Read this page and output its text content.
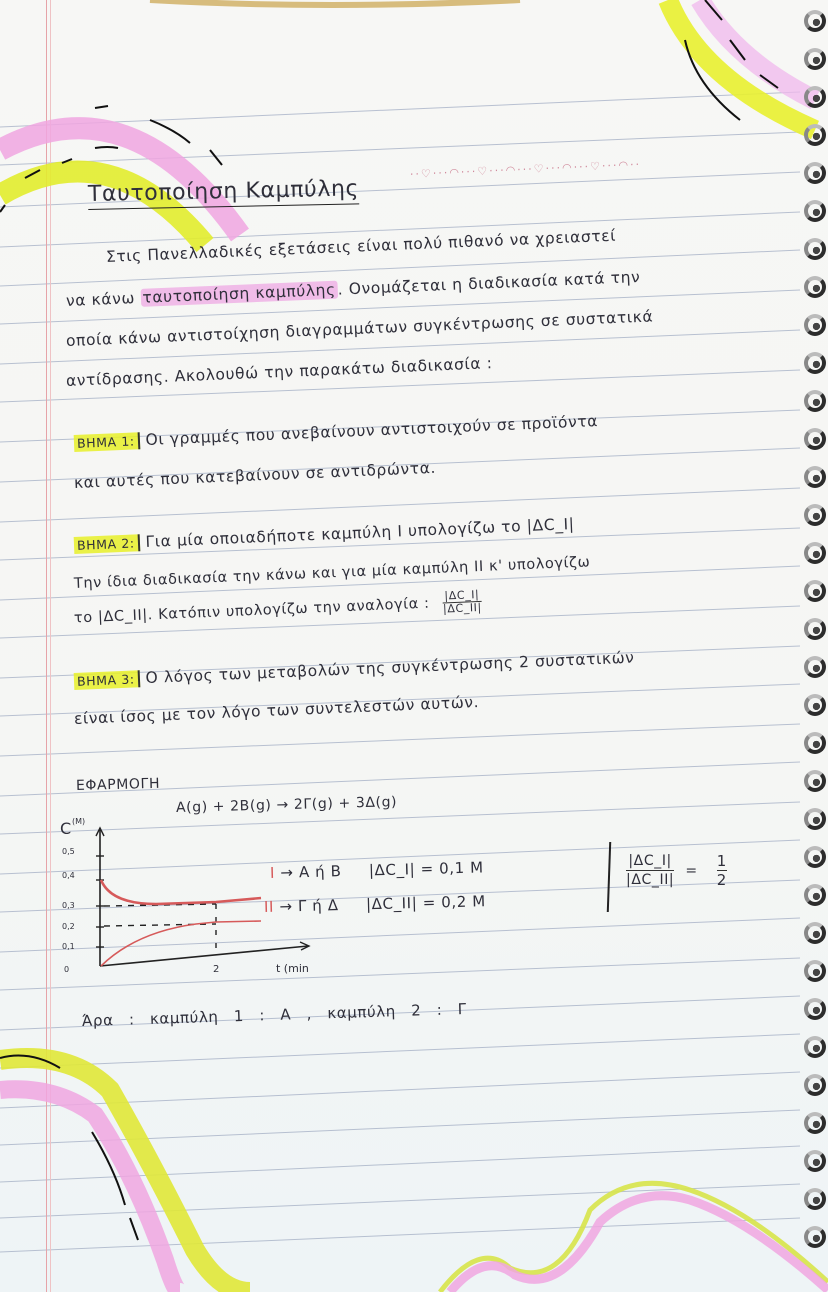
Ταυτοποίηση Καμπύλης
··♡···◠···♡···◠···♡···◠···♡···◠··
Στις Πανελλαδικές εξετάσεις είναι πολύ πιθανό να χρειαστεί
να κάνω ταυτοποίηση καμπύλης. Ονομάζεται η διαδικασία κατά την
οποία κάνω αντιστοίχηση διαγραμμάτων συγκέντρωσης σε συστατικά
αντίδρασης. Ακολουθώ την παρακάτω διαδικασία :
ΒΗΜΑ 1: Οι γραμμές που ανεβαίνουν αντιστοιχούν σε προϊόντα
και αυτές που κατεβαίνουν σε αντιδρώντα.
ΒΗΜΑ 2: Για μία οποιαδήποτε καμπύλη I υπολογίζω το |ΔC_I|
Την ίδια διαδικασία την κάνω και για μία καμπύλη II κ' υπολογίζω
το |ΔC_II|. Κατόπιν υπολογίζω την αναλογία : $\frac{|\Delta C\_I|}{|\Delta C\_II|}$
ΒΗΜΑ 3: Ο λόγος των μεταβολών της συγκέντρωσης 2 συστατικών
είναι ίσος με τον λόγο των συντελεστών αυτών.
ΕΦΑΡΜΟΓΗ
A(g) + 2B(g) → 2Γ(g) + 3Δ(g)
C (M)
0,5
0,4
0,3
0,2
0,1
0	2	t (min
I → A ή B |ΔC_I| = 0,1 M
II → Γ ή Δ |ΔC_II| = 0,2 M
$\frac{|\Delta C\_I|}{|\Delta C\_II|} = \frac{1}{2}$
Άρα : καμπύλη 1 : A , καμπύλη 2 : Γ
